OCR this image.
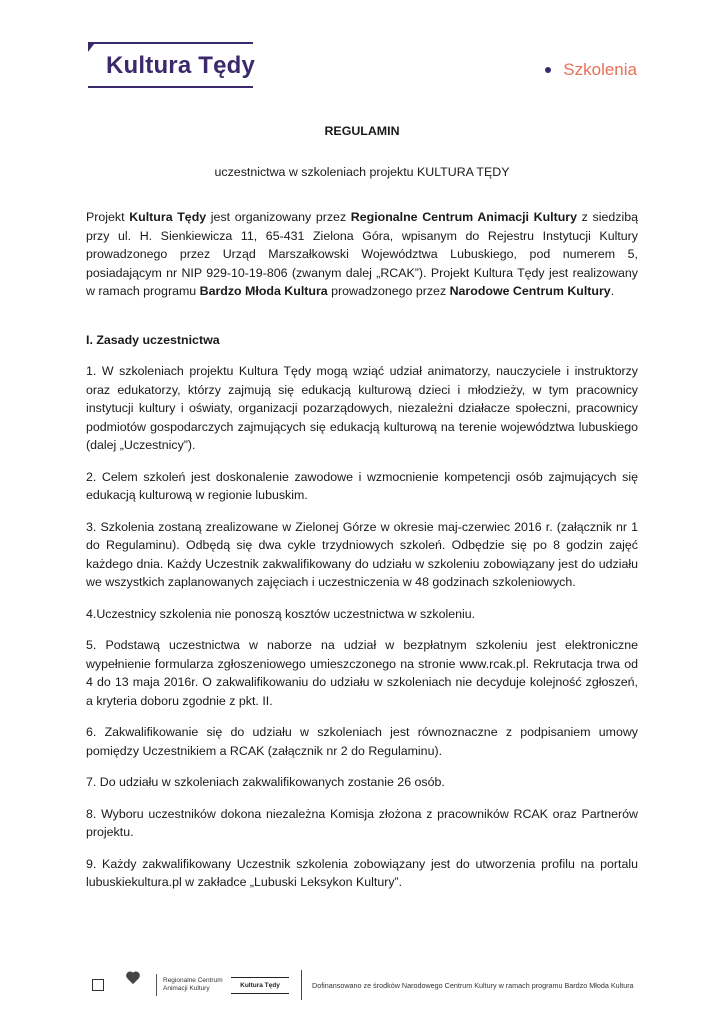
Kultura Tędy	Szkolenia

REGULAMIN

uczestnictwa w szkoleniach projektu KULTURA TĘDY

Projekt Kultura Tędy jest organizowany przez Regionalne Centrum Animacji Kultury z siedzibą przy ul. H. Sienkiewicza 11, 65-431 Zielona Góra, wpisanym do Rejestru Instytucji Kultury prowadzonego przez Urząd Marszałkowski Województwa Lubuskiego, pod numerem 5, posiadającym nr NIP 929-10-19-806 (zwanym dalej „RCAK”). Projekt Kultura Tędy jest realizowany w ramach programu Bardzo Młoda Kultura prowadzonego przez Narodowe Centrum Kultury.

I. Zasady uczestnictwa

1. W szkoleniach projektu Kultura Tędy mogą wziąć udział animatorzy, nauczyciele i instruktorzy oraz edukatorzy, którzy zajmują się edukacją kulturową dzieci i młodzieży, w tym pracownicy instytucji kultury i oświaty, organizacji pozarządowych, niezależni działacze społeczni, pracownicy podmiotów gospodarczych zajmujących się edukacją kulturową na terenie województwa lubuskiego (dalej „Uczestnicy”).

2. Celem szkoleń jest doskonalenie zawodowe i wzmocnienie kompetencji osób zajmujących się edukacją kulturową w regionie lubuskim.

3. Szkolenia zostaną zrealizowane w Zielonej Górze w okresie maj-czerwiec 2016 r. (załącznik nr 1 do Regulaminu). Odbędą się dwa cykle trzydniowych szkoleń. Odbędzie się po 8 godzin zajęć każdego dnia. Każdy Uczestnik zakwalifikowany do udziału w szkoleniu zobowiązany jest do udziału we wszystkich zaplanowanych zajęciach i uczestniczenia w 48 godzinach szkoleniowych.

4.Uczestnicy szkolenia nie ponoszą kosztów uczestnictwa w szkoleniu.

5. Podstawą uczestnictwa w naborze na udział w bezpłatnym szkoleniu jest elektroniczne wypełnienie formularza zgłoszeniowego umieszczonego na stronie www.rcak.pl. Rekrutacja trwa od 4 do 13 maja 2016r. O zakwalifikowaniu do udziału w szkoleniach nie decyduje kolejność zgłoszeń, a kryteria doboru zgodnie z pkt. II.

6. Zakwalifikowanie się do udziału w szkoleniach jest równoznaczne z podpisaniem umowy pomiędzy Uczestnikiem a RCAK (załącznik nr 2 do Regulaminu).

7. Do udziału w szkoleniach zakwalifikowanych zostanie 26 osób.

8. Wyboru uczestników dokona niezależna Komisja złożona z pracowników RCAK oraz Partnerów projektu.

9. Każdy zakwalifikowany Uczestnik szkolenia zobowiązany jest do utworzenia profilu na portalu lubuskiekultura.pl w zakładce „Lubuski Leksykon Kultury”.

Regionalne Centrum
Animacji Kultury	Kultura Tędy	Dofinansowano ze środków Narodowego Centrum Kultury w ramach programu Bardzo Młoda Kultura
